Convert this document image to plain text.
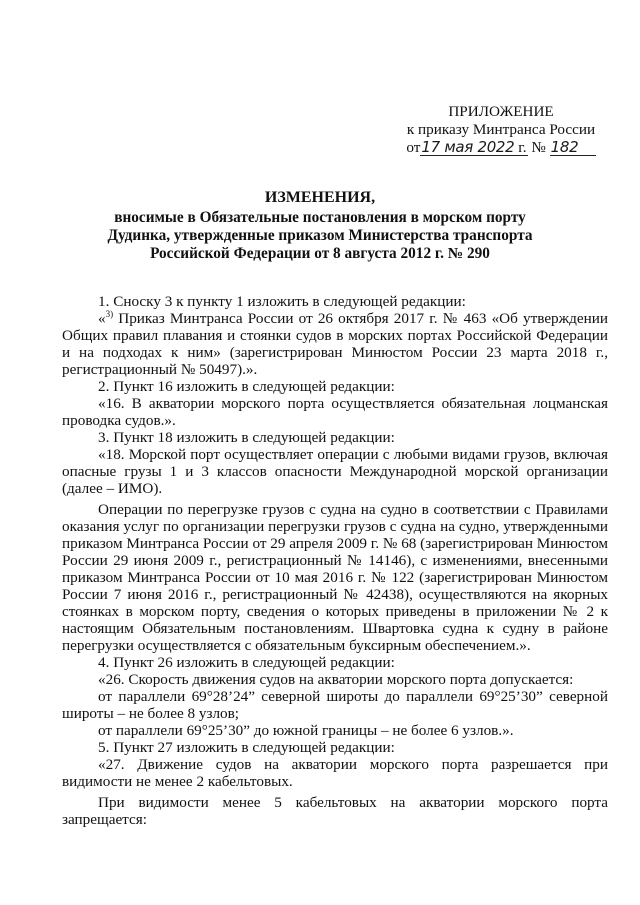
ПРИЛОЖЕНИЕ
к приказу Минтранса России
от17 мая 2022 г. № 182
ИЗМЕНЕНИЯ,
вносимые в Обязательные постановления в морском порту
Дудинка, утвержденные приказом Министерства транспорта
Российской Федерации от 8 августа 2012 г. № 290

1. Сноску 3 к пункту 1 изложить в следующей редакции:

«$^{3)}$ Приказ Минтранса России от 26 октября 2017 г. № 463 «Об утверждении Общих правил плавания и стоянки судов в морских портах Российской Федерации и на подходах к ним» (зарегистрирован Минюстом России 23 марта 2018 г., регистрационный № 50497).».

2. Пункт 16 изложить в следующей редакции:

«16. В акватории морского порта осуществляется обязательная лоцманская проводка судов.».

3. Пункт 18 изложить в следующей редакции:

«18. Морской порт осуществляет операции с любыми видами грузов, включая опасные грузы 1 и 3 классов опасности Международной морской организации (далее – ИМО).

Операции по перегрузке грузов с судна на судно в соответствии с Правилами оказания услуг по организации перегрузки грузов с судна на судно, утвержденными приказом Минтранса России от 29 апреля 2009 г. № 68 (зарегистрирован Минюстом России 29 июня 2009 г., регистрационный № 14146), с изменениями, внесенными приказом Минтранса России от 10 мая 2016 г. № 122 (зарегистрирован Минюстом России 7 июня 2016 г., регистрационный № 42438), осуществляются на якорных стоянках в морском порту, сведения о которых приведены в приложении № 2 к настоящим Обязательным постановлениям. Швартовка судна к судну в районе перегрузки осуществляется с обязательным буксирным обеспечением.».

4. Пункт 26 изложить в следующей редакции:

«26. Скорость движения судов на акватории морского порта допускается:

от параллели 69°28’24” северной широты до параллели 69°25’30” северной широты – не более 8 узлов;

от параллели 69°25’30” до южной границы – не более 6 узлов.».

5. Пункт 27 изложить в следующей редакции:

«27. Движение судов на акватории морского порта разрешается при видимости не менее 2 кабельтовых.

При видимости менее 5 кабельтовых на акватории морского порта запрещается:
